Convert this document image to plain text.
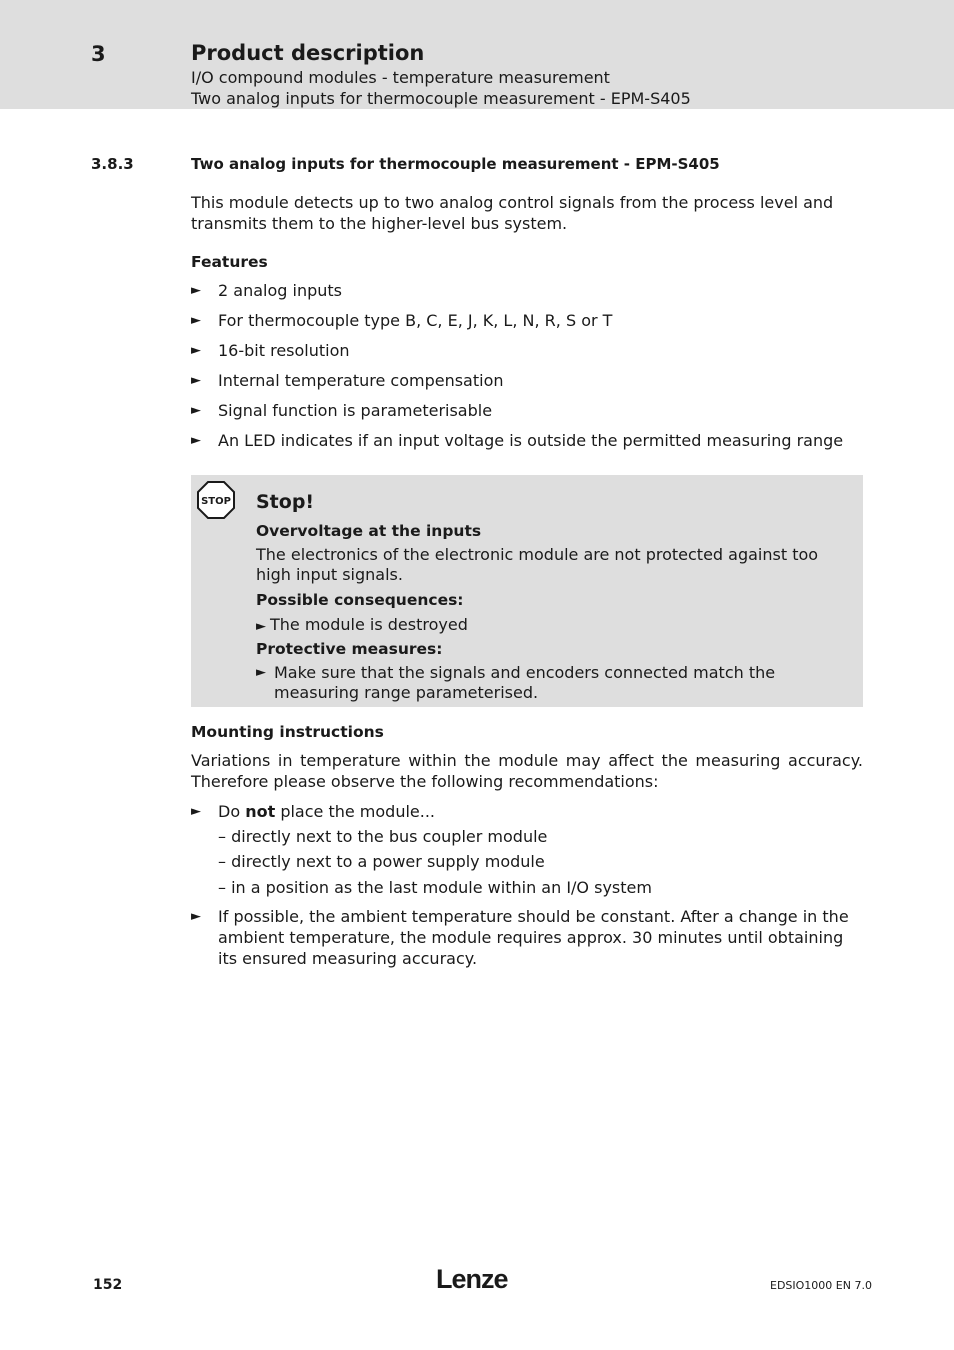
3	Product description
I/O compound modules - temperature measurement
Two analog inputs for thermocouple measurement - EPM-S405
3.8.3	Two analog inputs for thermocouple measurement - EPM-S405
This module detects up to two analog control signals from the process level and transmits them to the higher-level bus system.
Features
► 2 analog inputs
► For thermocouple type B, C, E, J, K, L, N, R, S or T
► 16-bit resolution
► Internal temperature compensation
► Signal function is parameterisable
► An LED indicates if an input voltage is outside the permitted measuring range
STOP Stop!
Overvoltage at the inputs
The electronics of the electronic module are not protected against too high input signals.
Possible consequences:
► The module is destroyed
Protective measures:
► Make sure that the signals and encoders connected match the measuring range parameterised.
Mounting instructions
Variations in temperature within the module may affect the measuring accuracy. Therefore please observe the following recommendations:
► Do not place the module...
– directly next to the bus coupler module
– directly next to a power supply module
– in a position as the last module within an I/O system
► If possible, the ambient temperature should be constant. After a change in the ambient temperature, the module requires approx. 30 minutes until obtaining its ensured measuring accuracy.
152	Lenze	EDSIO1000 EN 7.0
